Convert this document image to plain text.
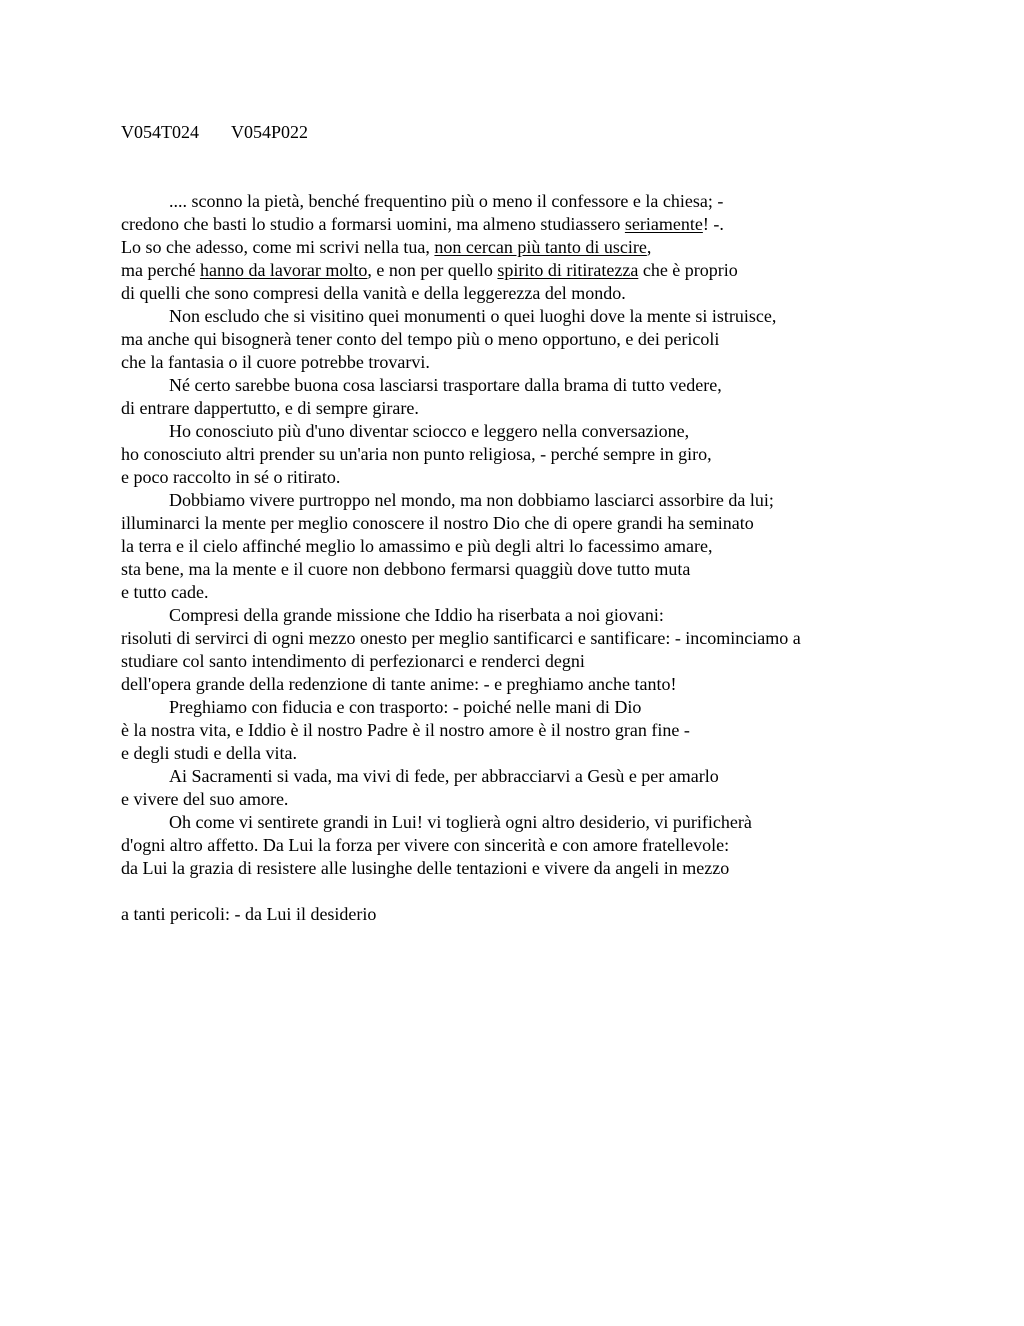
V054T024 V054P022
.... sconno la pietà, benché frequentino più o meno il confessore e la chiesa; -
credono che basti lo studio a formarsi uomini, ma almeno studiassero seriamente! -.
Lo so che adesso, come mi scrivi nella tua, non cercan più tanto di uscire,
ma perché hanno da lavorar molto, e non per quello spirito di ritiratezza che è proprio
di quelli che sono compresi della vanità e della leggerezza del mondo.
Non escludo che si visitino quei monumenti o quei luoghi dove la mente si istruisce,
ma anche qui bisognerà tener conto del tempo più o meno opportuno, e dei pericoli
che la fantasia o il cuore potrebbe trovarvi.
Né certo sarebbe buona cosa lasciarsi trasportare dalla brama di tutto vedere,
di entrare dappertutto, e di sempre girare.
Ho conosciuto più d'uno diventar sciocco e leggero nella conversazione,
ho conosciuto altri prender su un'aria non punto religiosa, - perché sempre in giro,
e poco raccolto in sé o ritirato.
Dobbiamo vivere purtroppo nel mondo, ma non dobbiamo lasciarci assorbire da lui;
illuminarci la mente per meglio conoscere il nostro Dio che di opere grandi ha seminato
la terra e il cielo affinché meglio lo amassimo e più degli altri lo facessimo amare,
sta bene, ma la mente e il cuore non debbono fermarsi quaggiù dove tutto muta
e tutto cade.
Compresi della grande missione che Iddio ha riserbata a noi giovani:
risoluti di servirci di ogni mezzo onesto per meglio santificarci e santificare: - incominciamo a
studiare col santo intendimento di perfezionarci e renderci degni
dell'opera grande della redenzione di tante anime: - e preghiamo anche tanto!
Preghiamo con fiducia e con trasporto: - poiché nelle mani di Dio
è la nostra vita, e Iddio è il nostro Padre è il nostro amore è il nostro gran fine -
e degli studi e della vita.
Ai Sacramenti si vada, ma vivi di fede, per abbracciarvi a Gesù e per amarlo
e vivere del suo amore.
Oh come vi sentirete grandi in Lui! vi toglierà ogni altro desiderio, vi purificherà
d'ogni altro affetto. Da Lui la forza per vivere con sincerità e con amore fratellevole:
da Lui la grazia di resistere alle lusinghe delle tentazioni e vivere da angeli in mezzo
a tanti pericoli: - da Lui il desiderio
